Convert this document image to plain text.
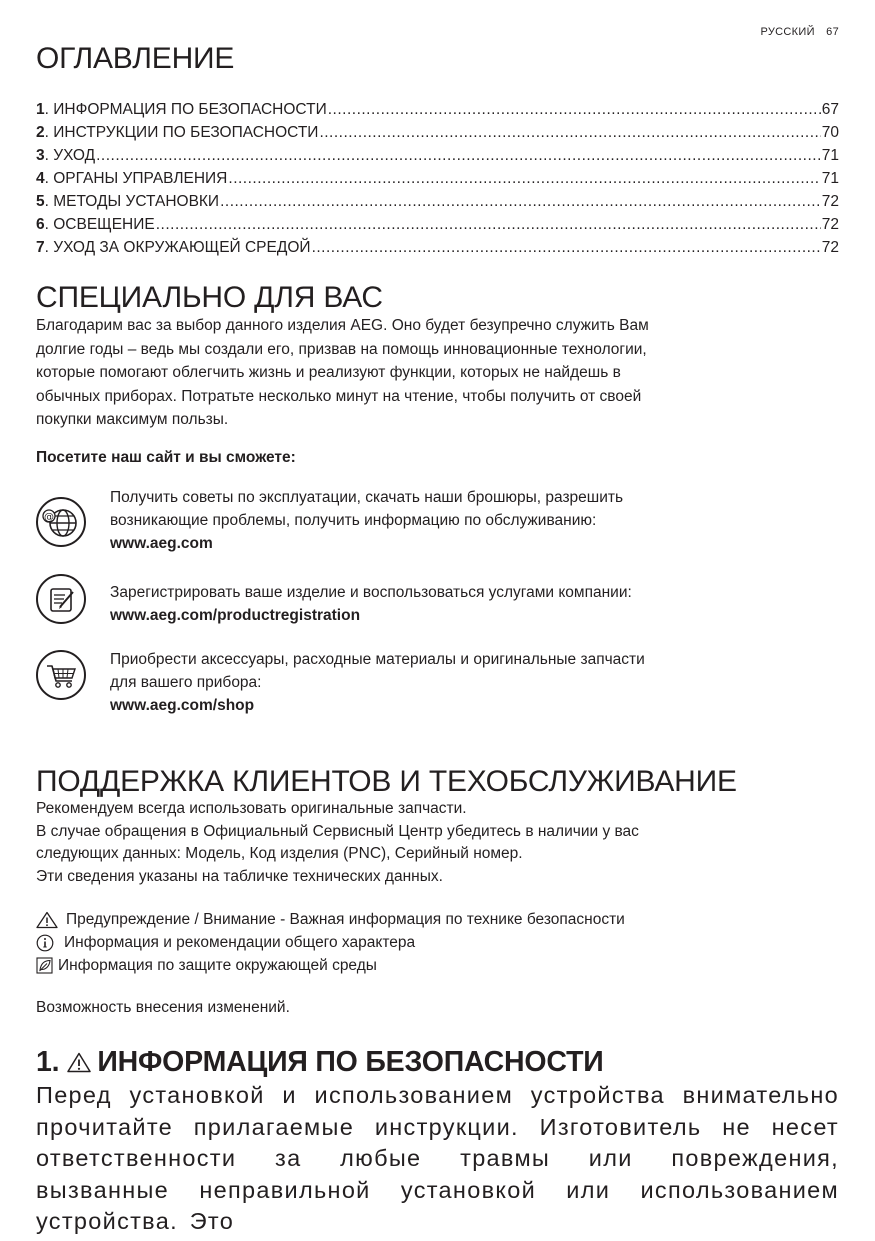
РУССКИЙ 67
ОГЛАВЛЕНИЕ
1 . ИНФОРМАЦИЯ ПО БЕЗОПАСНОСТИ .....	67
2 . ИНСТРУКЦИИ ПО БЕЗОПАСНОСТИ .....	70
3 . УХОД .....	71
4 . ОРГАНЫ УПРАВЛЕНИЯ .....	71
5 . МЕТОДЫ УСТАНОВКИ .....	72
6 . ОСВЕЩЕНИЕ .....	72
7 . УХОД ЗА ОКРУЖАЮЩЕЙ СРЕДОЙ .....	72
СПЕЦИАЛЬНО ДЛЯ ВАС
Благодарим вас за выбор данного изделия AEG. Оно будет безупречно служить Вам
долгие годы – ведь мы создали его, призвав на помощь инновационные технологии,
которые помогают облегчить жизнь и реализуют функции, которых не найдешь в
обычных приборах. Потратьте несколько минут на чтение, чтобы получить от своей
покупки максимум пользы.
Посетите наш сайт и вы сможете:
@
Получить советы по эксплуатации, скачать наши брошюры, разрешить
возникающие проблемы, получить информацию по обслуживанию:
www.aeg.com
Зарегистрировать ваше изделие и воспользоваться услугами компании:
www.aeg.com/productregistration
Приобрести аксессуары, расходные материалы и оригинальные запчасти
для вашего прибора:
www.aeg.com/shop
ПОДДЕРЖКА КЛИЕНТОВ И ТЕХОБСЛУЖИВАНИЕ
Рекомендуем всегда использовать оригинальные запчасти.
В случае обращения в Официальный Сервисный Центр убедитесь в наличии у вас
следующих данных: Модель, Код изделия (PNC), Серийный номер.
Эти сведения указаны на табличке технических данных.
Предупреждение / Внимание - Важная информация по технике безопасности
Информация и рекомендации общего характера
Информация по защите окружающей среды
Возможность внесения изменений.
1. ИНФОРМАЦИЯ ПО БЕЗОПАСНОСТИ
Перед установкой и использованием устройства внимательно прочитайте прилагаемые инструкции. Изготовитель не несет ответственности за любые травмы или повреждения, вызванные неправильной установкой или использованием устройства. Это
